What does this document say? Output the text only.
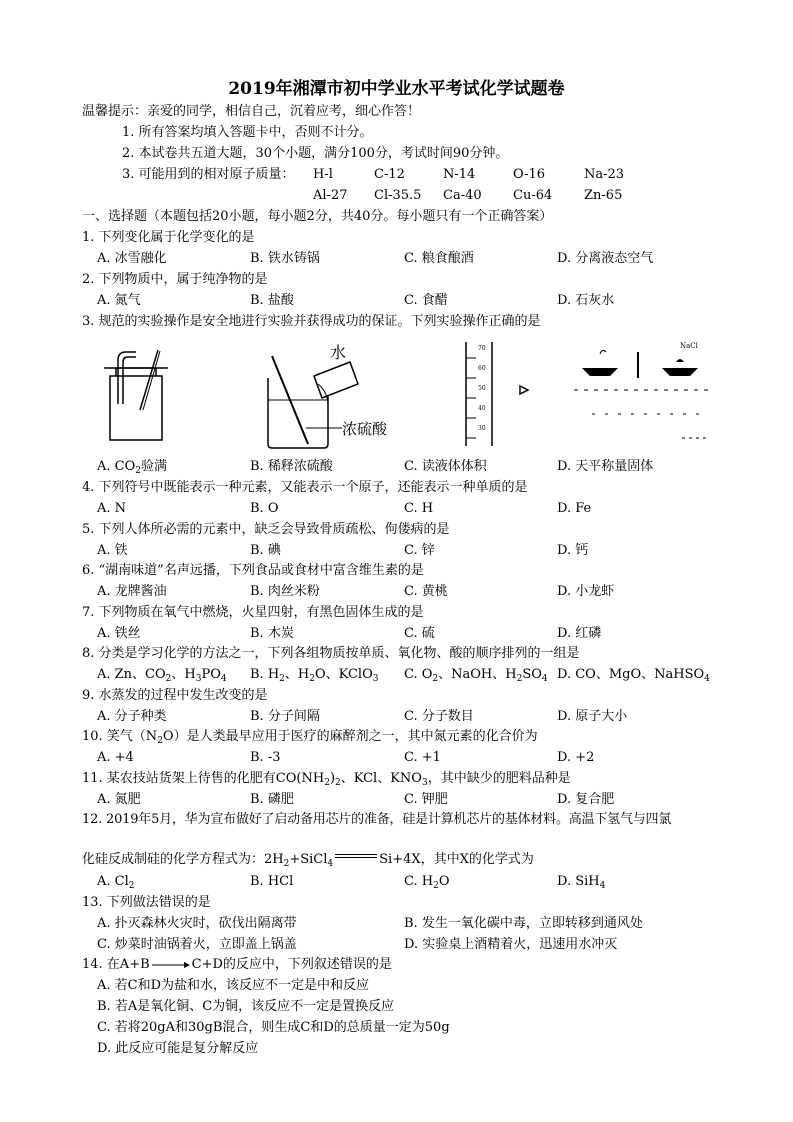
2019年湘潭市初中学业水平考试化学试题卷
温馨提示：亲爱的同学，相信自己，沉着应考，细心作答！
1. 所有答案均填入答题卡中，否则不计分。
2. 本试卷共五道大题，30个小题，满分100分，考试时间90分钟。
3. 可能用到的相对原子质量： H-l	C-12	N-14	O-16	Na-23
Al-27 Cl-35.5 Ca-40 Cu-64 Zn-65
一、选择题（本题包括20小题，每小题2分，共40分。每小题只有一个正确答案）
1. 下列变化属于化学变化的是
A. 冰雪融化	B. 铁水铸锅	C. 粮食酿酒	D. 分离液态空气
2. 下列物质中，属于纯净物的是
A. 氮气	B. 盐酸	C. 食醋	D. 石灰水
3. 规范的实验操作是安全地进行实验并获得成功的保证。下列实验操作正确的是
水
浓硫酸
70
60
50
40
30
NaCl
A. $CO_2$验满	B. 稀释浓硫酸	C. 读液体体积	D. 天平称量固体
4. 下列符号中既能表示一种元素，又能表示一个原子，还能表示一种单质的是
A. N	B. O	C. H	D. Fe
5. 下列人体所必需的元素中，缺乏会导致骨质疏松、佝偻病的是
A. 铁	B. 碘	C. 锌	D. 钙
6. “湖南味道”名声远播，下列食品或食材中富含维生素的是
A. 龙牌酱油	B. 肉丝米粉	C. 黄桃	D. 小龙虾
7. 下列物质在氧气中燃烧，火星四射，有黑色固体生成的是
A. 铁丝	B. 木炭	C. 硫	D. 红磷
8. 分类是学习化学的方法之一，下列各组物质按单质、氧化物、酸的顺序排列的一组是
A. Zn、$CO_2$、$H_3PO_4$ B. $H_2$、$H_2O$、KClO$_3$ C. $O_2$、NaOH、$H_2SO_4$ D. CO、MgO、NaHSO$_4$
9. 水蒸发的过程中发生改变的是
A. 分子种类	B. 分子间隔	C. 分子数目	D. 原子大小
10. 笑气$(N_2O)$是人类最早应用于医疗的麻醉剂之一，其中氮元素的化合价为
A. +4	B. -3	C. +1	D. +2
11. 某农技站货架上待售的化肥有$CO(NH_2)_2$、KCl、$KNO_3$，其中缺少的肥料品种是
A. 氮肥	B. 磷肥	C. 钾肥	D. 复合肥
12. 2019年5月，华为宣布做好了启动备用芯片的准备，硅是计算机芯片的基体材料。高温下氢气与四氯
化硅反成制硅的化学方程式为：$2H_2+SiCl_4$	Si+4X，其中X的化学式为
A. $Cl_2$	B. HCl	C. $H_2O$	D. SiH$_4$
13. 下列做法错误的是
A. 扑灭森林火灾时，砍伐出隔离带	B. 发生一氧化碳中毒，立即转移到通风处
C. 炒菜时油锅着火，立即盖上锅盖	D. 实验桌上酒精着火，迅速用水冲灭
14. 在A+B→C+D的反应中，下列叙述错误的是
A. 若C和D为盐和水，该反应不一定是中和反应
B. 若A是氧化铜、C为铜，该反应不一定是置换反应
C. 若将20gA和30gB混合，则生成C和D的总质量一定为50g
D. 此反应可能是复分解反应
